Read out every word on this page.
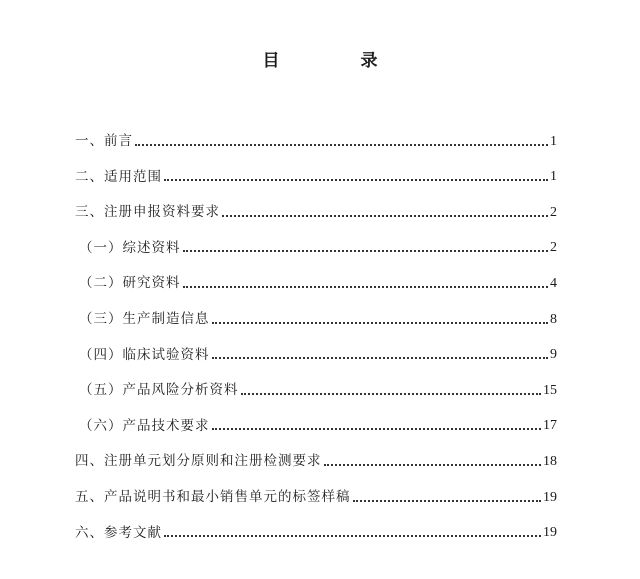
目　录
一、前言	1
二、适用范围	1
三、注册申报资料要求	2
（一）综述资料	2
（二）研究资料	4
（三）生产制造信息	8
（四）临床试验资料	9
（五）产品风险分析资料	15
（六）产品技术要求	17
四、注册单元划分原则和注册检测要求	18
五、产品说明书和最小销售单元的标签样稿	19
六、参考文献	19
